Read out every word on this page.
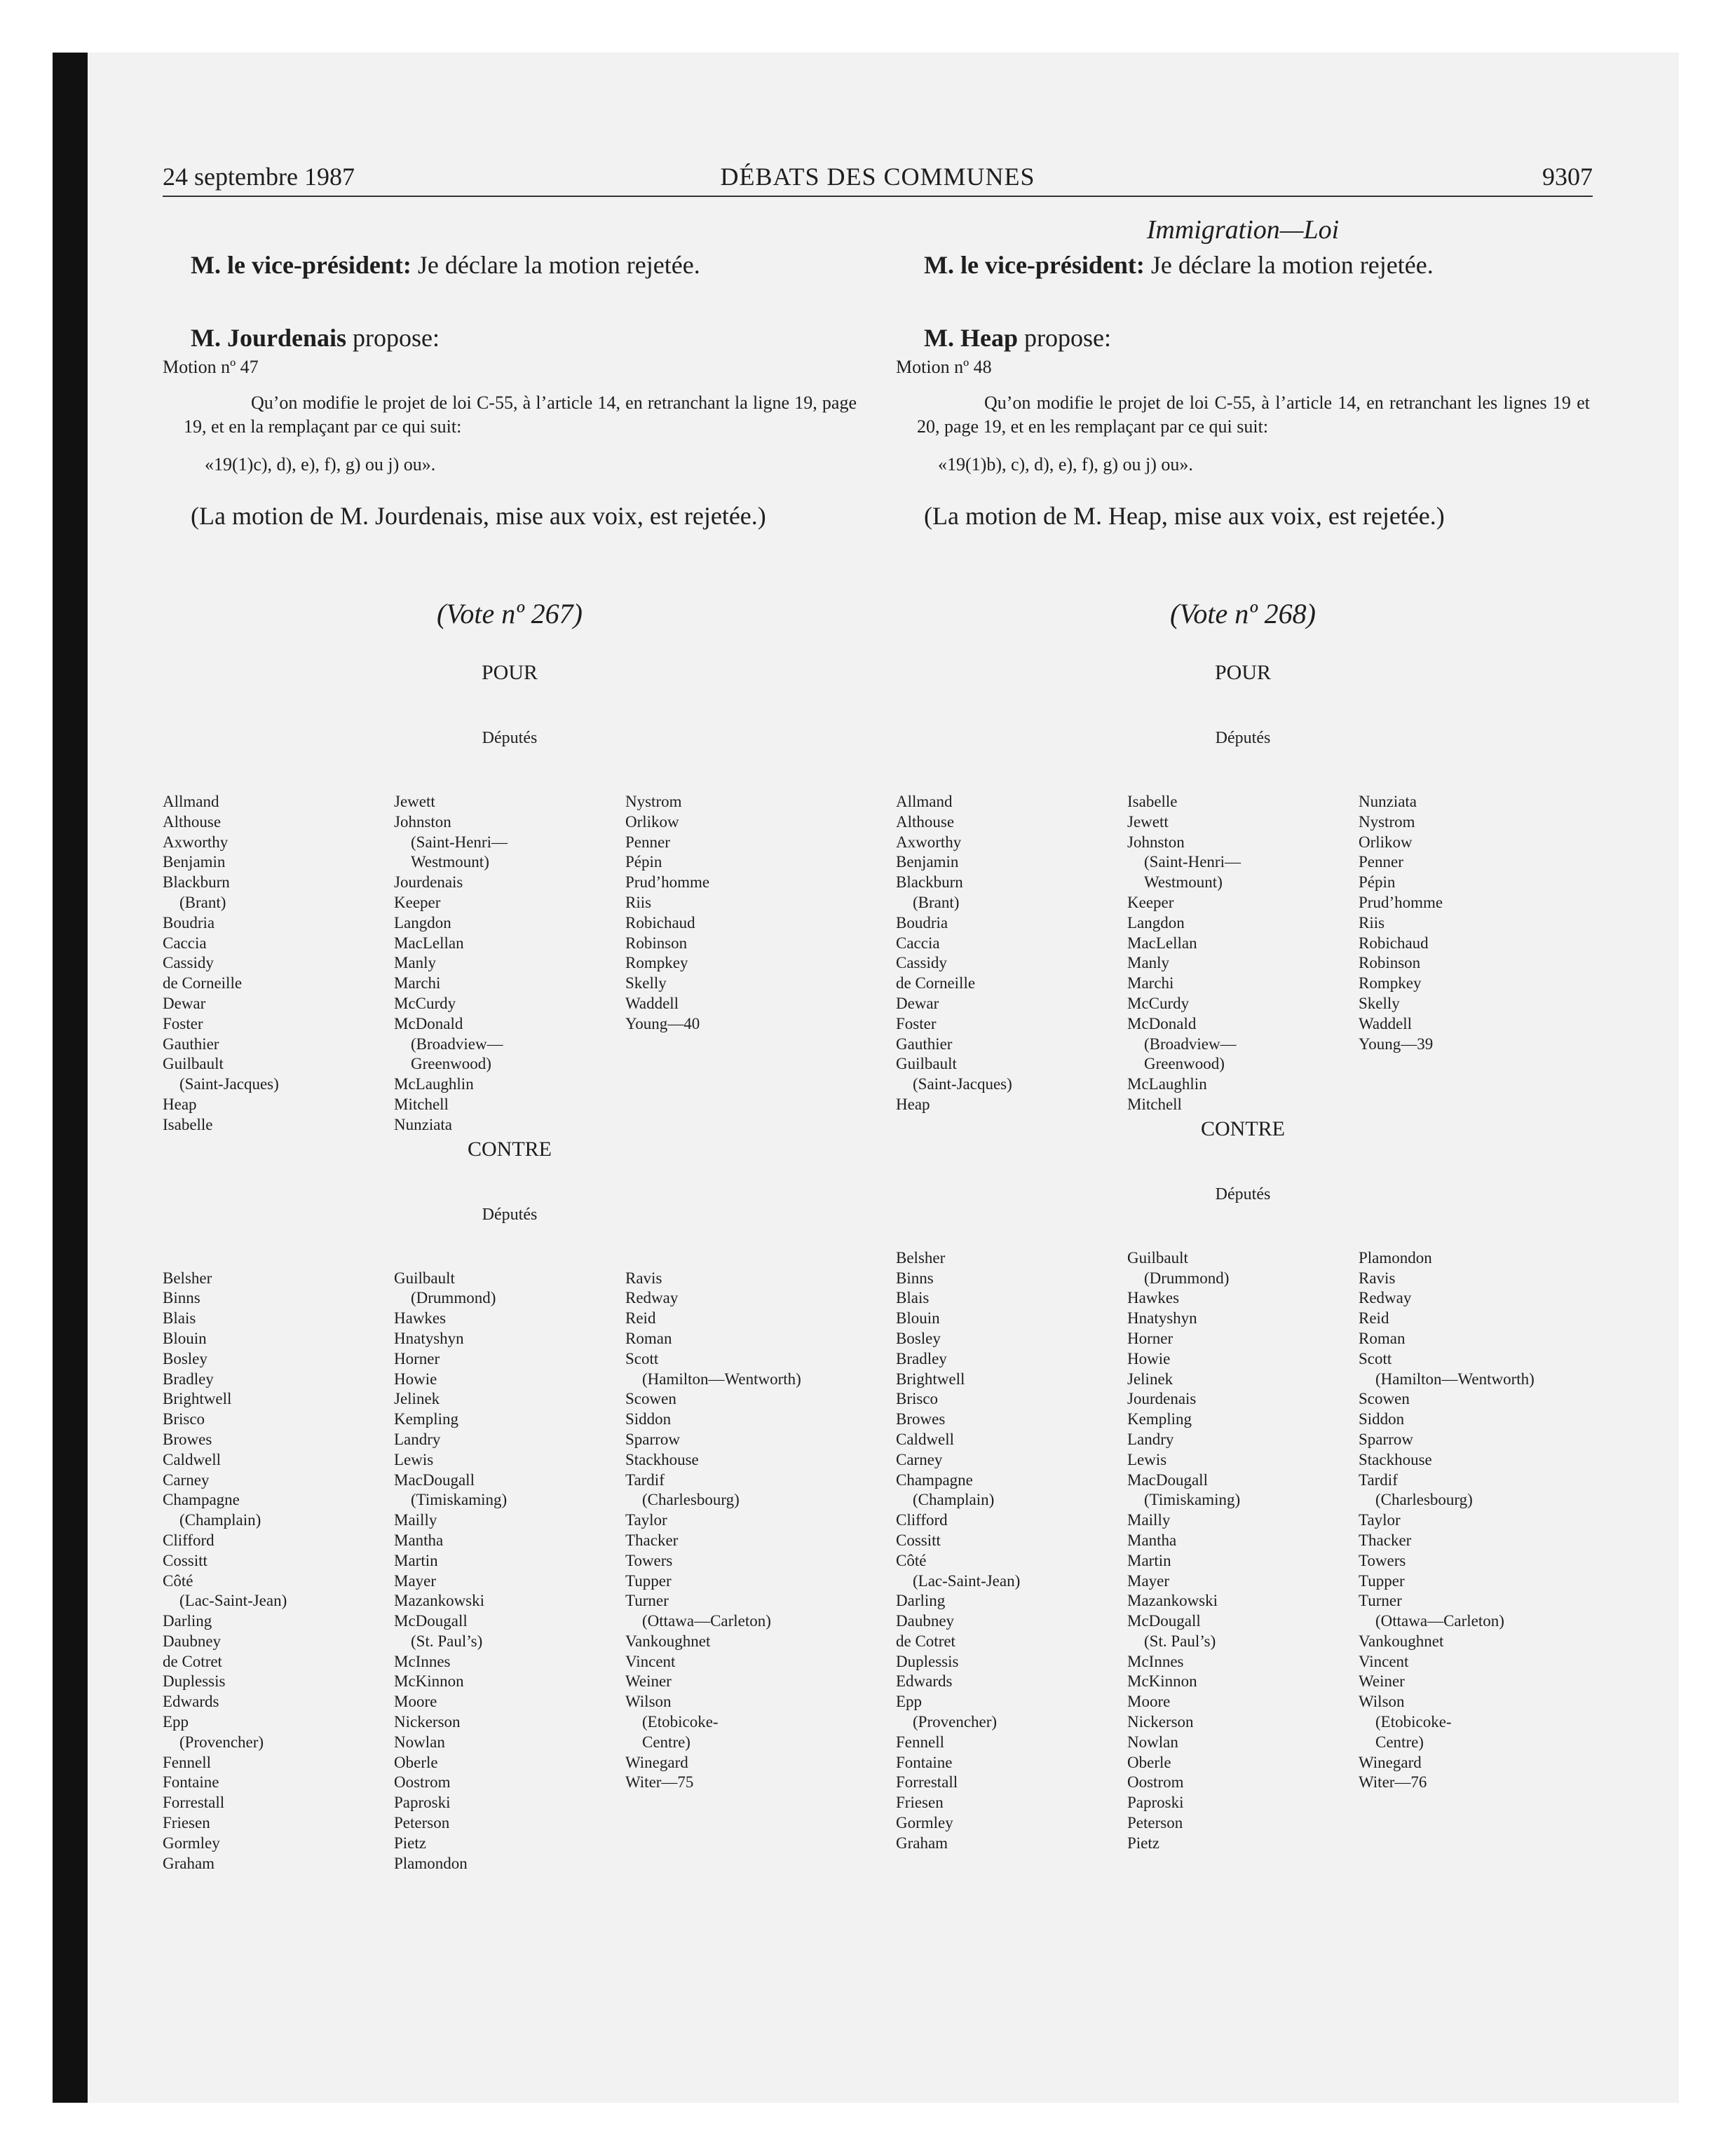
24 septembre 1987	DÉBATS DES COMMUNES	9307
M. le vice-président: Je déclare la motion rejetée.
M. Jourdenais propose:
Motion nº 47
Qu’on modifie le projet de loi C-55, à l’article 14, en retranchant la ligne 19, page 19, et en la remplaçant par ce qui suit:
«19(1)c), d), e), f), g) ou j) ou».
(La motion de M. Jourdenais, mise aux voix, est rejetée.)
(Vote nº 267)
POUR
Députés
Allmand
Althouse
Axworthy
Benjamin
Blackburn
(Brant)
Boudria
Caccia
Cassidy
de Corneille
Dewar
Foster
Gauthier
Guilbault
(Saint-Jacques)
Heap
Isabelle
Jewett
Johnston
(Saint-Henri—
Westmount)
Jourdenais
Keeper
Langdon
MacLellan
Manly
Marchi
McCurdy
McDonald
(Broadview—
Greenwood)
McLaughlin
Mitchell
Nunziata
Nystrom
Orlikow
Penner
Pépin
Prud’homme
Riis
Robichaud
Robinson
Rompkey
Skelly
Waddell
Young—40
CONTRE
Députés
Belsher
Binns
Blais
Blouin
Bosley
Bradley
Brightwell
Brisco
Browes
Caldwell
Carney
Champagne
(Champlain)
Clifford
Cossitt
Côté
(Lac-Saint-Jean)
Darling
Daubney
de Cotret
Duplessis
Edwards
Epp
(Provencher)
Fennell
Fontaine
Forrestall
Friesen
Gormley
Graham
Guilbault
(Drummond)
Hawkes
Hnatyshyn
Horner
Howie
Jelinek
Kempling
Landry
Lewis
MacDougall
(Timiskaming)
Mailly
Mantha
Martin
Mayer
Mazankowski
McDougall
(St. Paul’s)
McInnes
McKinnon
Moore
Nickerson
Nowlan
Oberle
Oostrom
Paproski
Peterson
Pietz
Plamondon
Ravis
Redway
Reid
Roman
Scott
(Hamilton—Wentworth)
Scowen
Siddon
Sparrow
Stackhouse
Tardif
(Charlesbourg)
Taylor
Thacker
Towers
Tupper
Turner
(Ottawa—Carleton)
Vankoughnet
Vincent
Weiner
Wilson
(Etobicoke-
Centre)
Winegard
Witer—75
Immigration—Loi
M. le vice-président: Je déclare la motion rejetée.
M. Heap propose:
Motion nº 48
Qu’on modifie le projet de loi C-55, à l’article 14, en retranchant les lignes 19 et 20, page 19, et en les remplaçant par ce qui suit:
«19(1)b), c), d), e), f), g) ou j) ou».
(La motion de M. Heap, mise aux voix, est rejetée.)
(Vote nº 268)
POUR
Députés
Allmand
Althouse
Axworthy
Benjamin
Blackburn
(Brant)
Boudria
Caccia
Cassidy
de Corneille
Dewar
Foster
Gauthier
Guilbault
(Saint-Jacques)
Heap
Isabelle
Jewett
Johnston
(Saint-Henri—
Westmount)
Keeper
Langdon
MacLellan
Manly
Marchi
McCurdy
McDonald
(Broadview—
Greenwood)
McLaughlin
Mitchell
Nunziata
Nystrom
Orlikow
Penner
Pépin
Prud’homme
Riis
Robichaud
Robinson
Rompkey
Skelly
Waddell
Young—39
CONTRE
Députés
Belsher
Binns
Blais
Blouin
Bosley
Bradley
Brightwell
Brisco
Browes
Caldwell
Carney
Champagne
(Champlain)
Clifford
Cossitt
Côté
(Lac-Saint-Jean)
Darling
Daubney
de Cotret
Duplessis
Edwards
Epp
(Provencher)
Fennell
Fontaine
Forrestall
Friesen
Gormley
Graham
Guilbault
(Drummond)
Hawkes
Hnatyshyn
Horner
Howie
Jelinek
Jourdenais
Kempling
Landry
Lewis
MacDougall
(Timiskaming)
Mailly
Mantha
Martin
Mayer
Mazankowski
McDougall
(St. Paul’s)
McInnes
McKinnon
Moore
Nickerson
Nowlan
Oberle
Oostrom
Paproski
Peterson
Pietz
Plamondon
Ravis
Redway
Reid
Roman
Scott
(Hamilton—Wentworth)
Scowen
Siddon
Sparrow
Stackhouse
Tardif
(Charlesbourg)
Taylor
Thacker
Towers
Tupper
Turner
(Ottawa—Carleton)
Vankoughnet
Vincent
Weiner
Wilson
(Etobicoke-
Centre)
Winegard
Witer—76
